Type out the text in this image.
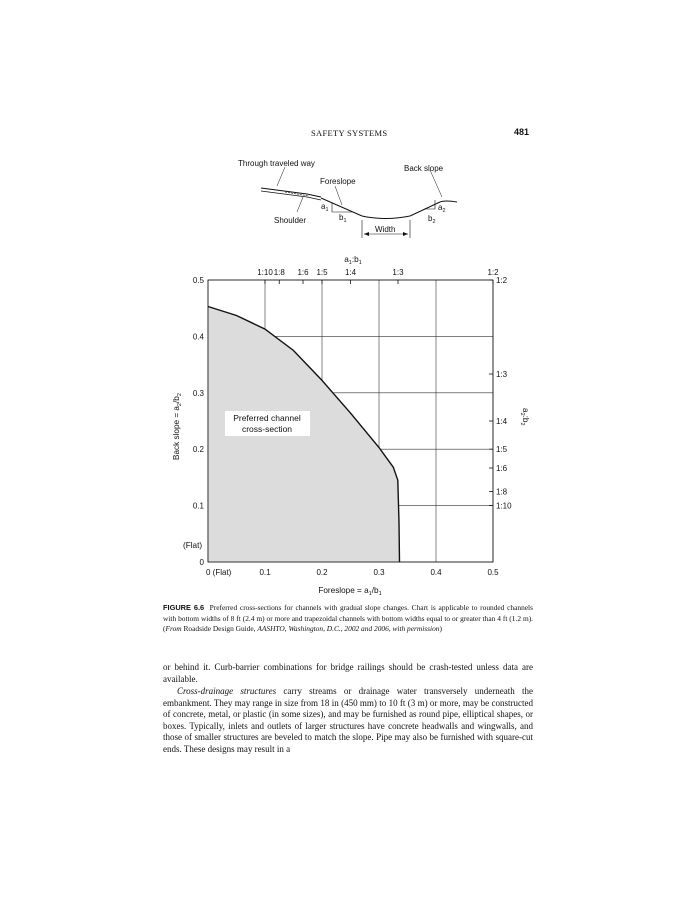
SAFETY SYSTEMS	481
Through traveled way
Foreslope
Back slope
Shoulder
$a_1$
$b_1$
$a_2$
$b_2$
Width
0 (Flat)	0.1	0.2	0.3	0.4	0.5
0
0.1
0.2
0.3
0.4
0.5
1:10 1:8 1:6 1:5 1:4	1:3	1:2
1:2
1:3
1:4
1:5
1:6
1:8
1:10
Preferred channel
cross-section
(Flat)
$a_1:b_1$
Foreslope = $a_1/b_1$
Back slope = $a_2/b_2$
$a_2:b_2$
FIGURE 6.6 Preferred cross-sections for channels with gradual slope changes. Chart is applicable to rounded channels with bottom widths of 8 ft (2.4 m) or more and trapezoidal channels with bottom widths equal to or greater than 4 ft (1.2 m). (From Roadside Design Guide, AASHTO, Washington, D.C., 2002 and 2006, with permission)
or behind it. Curb-barrier combinations for bridge railings should be crash-tested unless data are available.
Cross-drainage structures carry streams or drainage water transversely underneath the embankment. They may range in size from 18 in (450 mm) to 10 ft (3 m) or more, may be constructed of concrete, metal, or plastic (in some sizes), and may be furnished as round pipe, elliptical shapes, or boxes. Typically, inlets and outlets of larger structures have concrete headwalls and wingwalls, and those of smaller structures are beveled to match the slope. Pipe may also be furnished with square-cut ends. These designs may result in a
